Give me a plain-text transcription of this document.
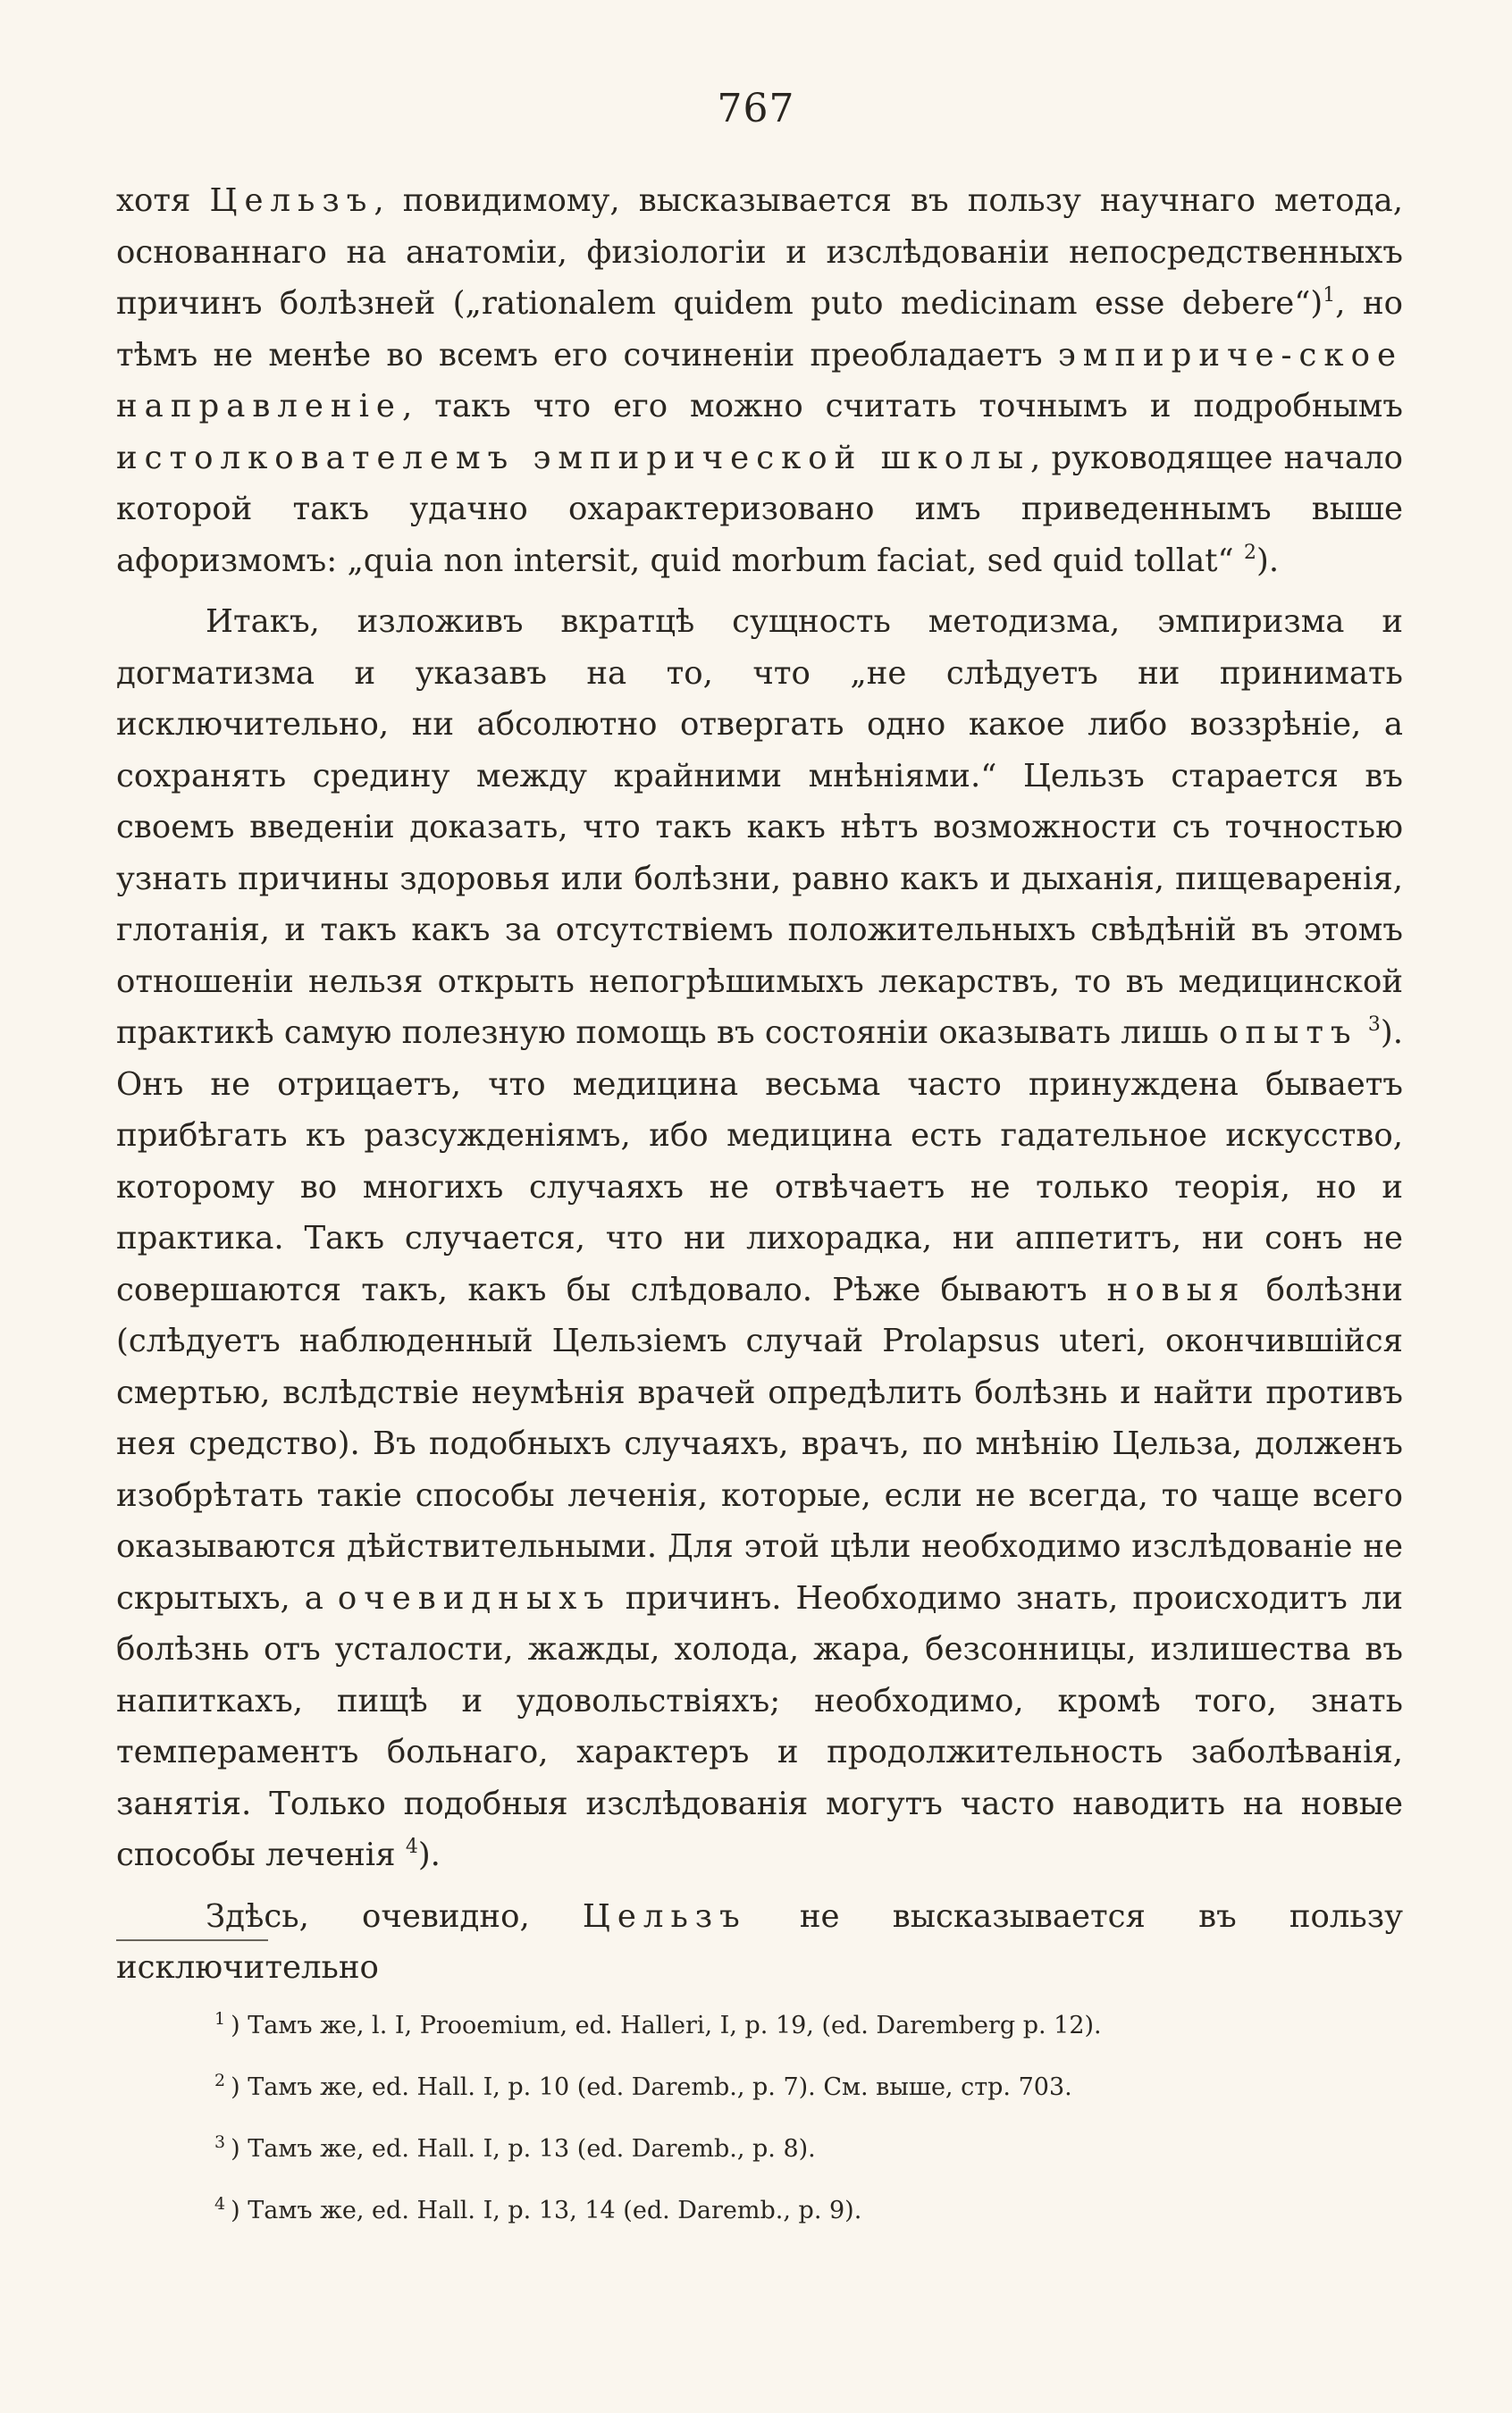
767

хотя Цельзъ, повидимому, высказывается въ пользу научнаго метода, основаннаго на анатоміи, физіологіи и изслѣдованіи непосредственныхъ причинъ болѣзней („rationalem quidem puto medicinam esse debere“)$^1$, но тѣмъ не менѣе во всемъ его сочиненіи преобладаетъ эмпириче-ское направленіе, такъ что его можно считать точнымъ и подробнымъ истолкователемъ эмпирической школы, руководящее начало которой такъ удачно охарактеризовано имъ приведеннымъ выше афоризмомъ: „quia non intersit, quid morbum faciat, sed quid tollat“ $^2$).

Итакъ, изложивъ вкратцѣ сущность методизма, эмпиризма и догматизма и указавъ на то, что „не слѣдуетъ ни принимать исключительно, ни абсолютно отвергать одно какое либо воззрѣніе, а сохранять средину между крайними мнѣніями.“ Цельзъ старается въ своемъ введеніи доказать, что такъ какъ нѣтъ возможности съ точностью узнать причины здоровья или болѣзни, равно какъ и дыханія, пищеваренія, глотанія, и такъ какъ за отсутствіемъ положительныхъ свѣдѣній въ этомъ отношеніи нельзя открыть непогрѣшимыхъ лекарствъ, то въ медицинской практикѣ самую полезную помощь въ состояніи оказывать лишь опытъ $^3$). Онъ не отрицаетъ, что медицина весьма часто принуждена бываетъ прибѣгать къ разсужденіямъ, ибо медицина есть гадательное искусство, которому во многихъ случаяхъ не отвѣчаетъ не только теорія, но и практика. Такъ случается, что ни лихорадка, ни аппетитъ, ни сонъ не совершаются такъ, какъ бы слѣдовало. Рѣже бываютъ новыя болѣзни (слѣдуетъ наблюденный Цельзіемъ случай Prolapsus uteri, окончившійся смертью, вслѣдствіе неумѣнія врачей опредѣлить болѣзнь и найти противъ нея средство). Въ подобныхъ случаяхъ, врачъ, по мнѣнію Цельза, долженъ изобрѣтать такіе способы леченія, которые, если не всегда, то чаще всего оказываются дѣйствительными. Для этой цѣли необходимо изслѣдованіе не скрытыхъ, а очевидныхъ причинъ. Необходимо знать, происходитъ ли болѣзнь отъ усталости, жажды, холода, жара, безсонницы, излишества въ напиткахъ, пищѣ и удовольствіяхъ; необходимо, кромѣ того, знать темпераментъ больнаго, характеръ и продолжительность заболѣванія, занятія. Только подобныя изслѣдованія могутъ часто наводить на новые способы леченія $^4$).

Здѣсь, очевидно, Цельзъ не высказывается въ пользу исключительно

$^1$ ) Тамъ же, l. I, Prooemium, ed. Halleri, I, p. 19, (ed. Daremberg p. 12).
$^2$ ) Тамъ же, ed. Hall. I, p. 10 (ed. Daremb., p. 7). См. выше, стр. 703.
$^3$ ) Тамъ же, ed. Hall. I, p. 13 (ed. Daremb., p. 8).
$^4$ ) Тамъ же, ed. Hall. I, p. 13, 14 (ed. Daremb., p. 9).
